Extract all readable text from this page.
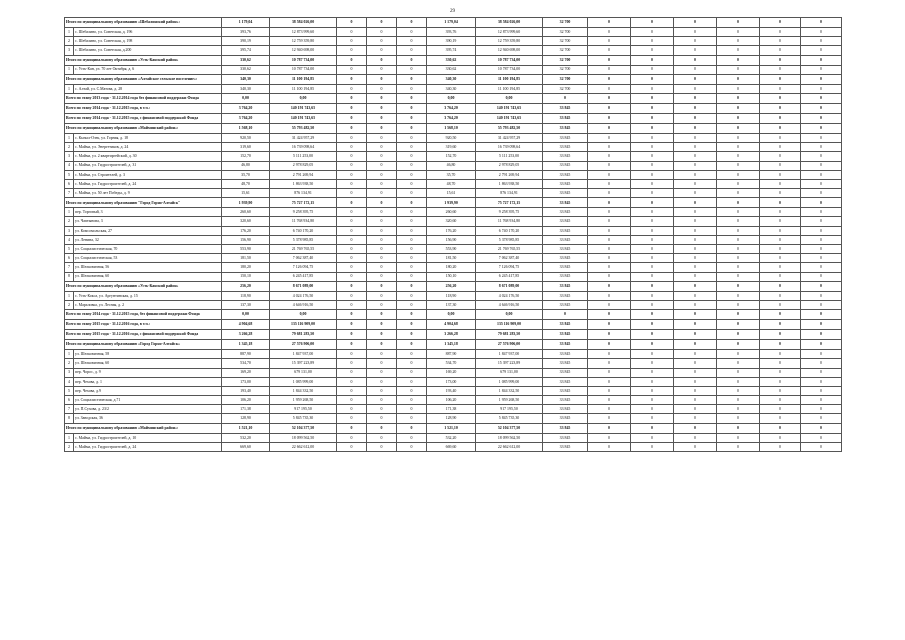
29
Итого по муниципальному образованию «Шебалинский район»:		1 179,04	38 584 026,00	0	0	0	1 179,04	38 584 026,00	32 700	0	0	0	0	0	0
1	с. Шебалино, ул. Советская, д. 196	393,76	12 873 999,60	0	0	0	393,76	12 873 999,60	32 700	0	0	0	0	0	0
2	с. Шебалино, ул. Советская, д. 198	390,19	12 759 359,80	0	0	0	390,19	12 759 359,80	32 700	0	0	0	0	0	0
3	с. Шебалино, ул. Советская, д.200	395,74	12 940 698,00	0	0	0	395,74	12 940 698,00	32 700	0	0	0	0	0	0
Итого по муниципальному образованию «Усть-Канский район»		330,62	10 787 734,00	0	0	0	330,62	10 787 734,00	32 700	0	0	0	0	0	0
1	с. Усть-Кан, ул. 70 лет Октября, д. 6	330,62	10 787 734,00	0	0	0	330,62	10 787 734,00	32 700	0	0	0	0	0	0
Итого по муниципальному образованию «Алтайское сельское поселение»:		340,30	11 100 194,85	0	0	0	340,30	11 100 194,85	32 700	0	0	0	0	0	0
1	с. Алтай, ул. С.Матова, д. 28	340,30	11 100 194,85	0	0	0	340,30	11 100 194,85	32 700	0	0	0	0	0	0
Всего по этапу 2013 года - 31.12.2014 года без финансовой поддержки Фонда		0,00	0,00	0	0	0	0,00	0,00	0	0	0	0	0	0	0
Всего по этапу 2014 года - 31.12.2015 года, в т.ч.:		3 764,20	140 191 743,65	0	0	0	3 764,20	140 191 743,65	33 845	0	0	0	0	0	0
Всего по этапу 2014 года - 31.12.2015 года, с финансовой поддержкой Фонда		3 764,20	140 191 743,65	0	0	0	3 764,20	140 191 743,65	33 845	0	0	0	0	0	0
Итого по муниципальному образованию «Майминский район»:		1 568,10	55 793 482,50	0	0	0	1 568,10	55 793 482,50	33 845	0	0	0	0	0	0
1	с. Кызыл-Озек, ул. Горная, д. 18	920,50	31 424 957,29	0	0	0	920,50	31 424 957,29	33 845	0	0	0	0	0	0
2	с. Майма, ул. Энергетиков, д. 24	319,60	16 739 098,64	0	0	0	319,60	16 739 098,64	33 845	0	0	0	0	0	0
3	с. Майма, ул. 2 квартиргейский, д. 30	152,70	5 111 253,00	0	0	0	152,70	5 111 253,00	33 845	0	0	0	0	0	0
4	с. Майма, ул. Гидростроителей, д. 31	46,80	2 978 829,05	0	0	0	46,80	2 978 829,05	33 845	0	0	0	0	0	0
5	с. Майма, ул. Строителей, д. 3	35,70	2 791 269,94	0	0	0	35,70	2 791 269,94	33 845	0	0	0	0	0	0
6	с. Майма, ул. Гидростроителей, д. 24	48,70	1 863 938,50	0	0	0	48,70	1 863 938,50	33 845	0	0	0	0	0	0
7	с. Майма, ул. 50 лет Победы, д. 9	15,61	876 134,91	0	0	0	15,61	876 134,91	33 845	0	0	0	0	0	0
Итого по муниципальному образованию "Город Горно-Алтайск"		1 939,90	75 727 172,15	0	0	0	1 939,90	75 727 172,15	33 845	0	0	0	0	0	0
1	пер. Торговый, 3	260,60	9 258 395,75	0	0	0	260,60	9 258 395,75	33 845	0	0	0	0	0	0
2	ул. Чаптынова, 3	320,60	11 768 934,80	0	0	0	320,60	11 768 934,80	33 845	0	0	0	0	0	0
3	ул. Комсомольская, 27	176,20	6 740 170,20	0	0	0	176,20	6 740 170,20	33 845	0	0	0	0	0	0
4	ул. Ленина, 32	156,90	5 378 985,85	0	0	0	156,90	5 378 985,85	33 845	0	0	0	0	0	0
5	ул. Социалистическая, 70	553,90	21 769 765,55	0	0	0	553,90	21 769 765,55	33 845	0	0	0	0	0	0
6	ул. Социалистическая, 53	181,50	7 062 387,40	0	0	0	181,50	7 062 387,40	33 845	0	0	0	0	0	0
7	ул. Шелковичная, 56	180,20	7 126 094,75	0	0	0	180,20	7 126 094,75	33 845	0	0	0	0	0	0
8	ул. Шелковичная, 60	150,10	6 245 417,85	0	0	0	150,10	6 245 417,85	33 845	0	0	0	0	0	0
Итого по муниципальному образованию «Усть-Канский район»		256,20	8 671 089,00	0	0	0	256,20	8 671 089,00	33 845	0	0	0	0	0	0
1	с. Усть-Кокса, ул. Аргунтинская, д. 15	118,90	4 024 176,50	0	0	0	118,90	4 024 176,50	33 845	0	0	0	0	0	0
2	с. Мараловка, ул. Лесная, д. 2	137,30	4 646 916,50	0	0	0	137,30	4 646 916,50	33 845	0	0	0	0	0	0
Всего по этапу 2014 года - 31.12.2015 года, без финансовой поддержки Фонда		0,00	0,00	0	0	0	0,00	0,00	0	0	0	0	0	0	0
Всего по этапу 2015 года - 31.12.2016 года, в т.ч.:		4 904,68	135 116 909,00	0	0	0	4 904,68	135 116 909,00	33 845	0	0	0	0	0	0
Всего по этапу 2015 года - 31.12.2016 года, с финансовой поддержкой Фонда		3 266,28	79 681 283,50	0	0	0	3 266,28	79 681 283,50	33 845	0	0	0	0	0	0
Итого по муниципальному образованию «Город Горно-Алтайск»		1 345,18	27 576 906,00	0	0	0	1 345,18	27 576 906,00	33 845	0	0	0	0	0	0
1	ул. Шелковичная, 58	887,90	1 847 937,00	0	0	0	887,90	1 847 937,00	33 845	0	0	0	0	0	0
2	ул. Шелковичная, 60	534,70	15 397 223,89	0	0	0	534,70	15 397 223,89	33 845	0	0	0	0	0	0
3	пер. Чорос, д. 9	169,20	679 131,00	0	0	0	169,20	679 131,00	33 845	0	0	0	0	0	0
4	пер. Чехова, д. 1	173,00	1 085 999,00	0	0	0	173,00	1 085 999,00	33 845	0	0	0	0	0	0
5	пер. Чехова, д.9	193,40	1 844 332,50	0	0	0	193,40	1 844 332,50	33 845	0	0	0	0	0	0
6	ул. Социалистическая, д.71	106,20	1 959 268,50	0	0	0	106,20	1 959 268,50	33 845	0	0	0	0	0	0
7	ул. П.Сухова, д. 23/2	171,38	917 195,50	0	0	0	171,38	917 195,50	33 845	0	0	0	0	0	0
8	ул. Заводская, 36	128,90	5 845 735,30	0	0	0	128,90	5 845 735,30	33 845	0	0	0	0	0	0
Итого по муниципальному образованию «Майминский район»:		1 521,10	52 104 377,50	0	0	0	1 521,10	52 104 377,50	33 845	0	0	0	0	0	0
1	с. Майма, ул. Гидростроителей, д. 10	532,20	18 099 562,50	0	0	0	532,20	18 099 562,50	33 845	0	0	0	0	0	0
2	с. Майма, ул. Гидростроителей, д. 24	669,60	22 662 612,00	0	0	0	669,60	22 662 612,00	33 845	0	0	0	0	0	0
